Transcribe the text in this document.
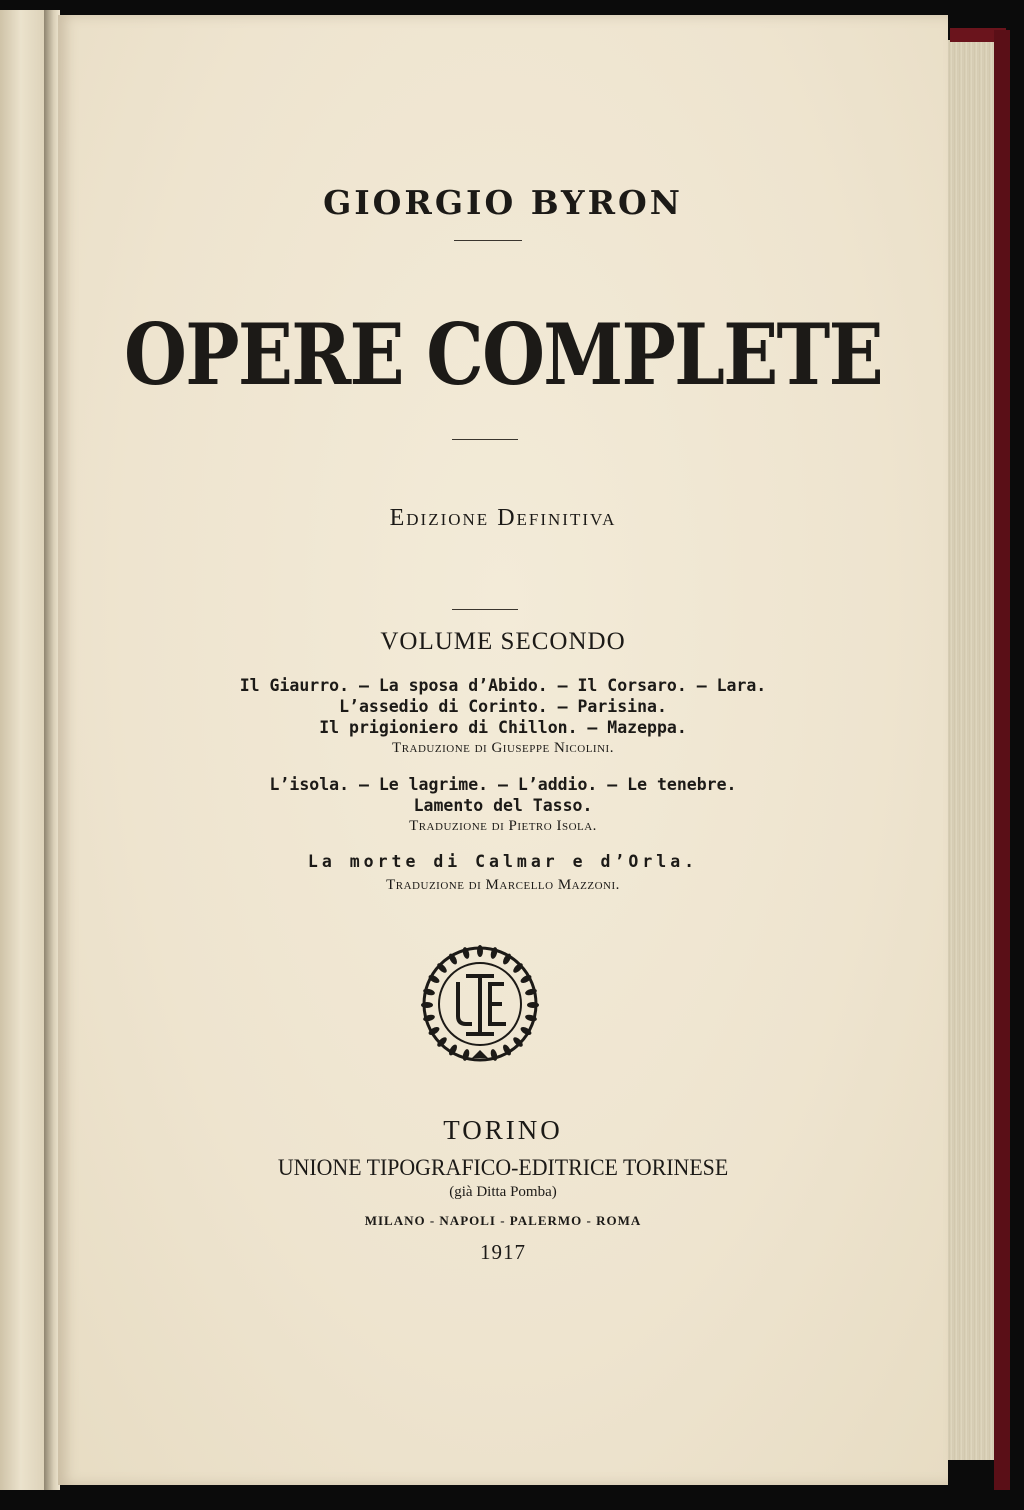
GIORGIO BYRON
OPERE COMPLETE
Edizione Definitiva
VOLUME SECONDO
Il Giaurro. — La sposa d’Abido. — Il Corsaro. — Lara.
L’assedio di Corinto. — Parisina.
Il prigioniero di Chillon. — Mazeppa.
Traduzione di Giuseppe Nicolini.
L’isola. — Le lagrime. — L’addio. — Le tenebre.
Lamento del Tasso.
Traduzione di Pietro Isola.
La morte di Calmar e d’Orla.
Traduzione di Marcello Mazzoni.
TORINO
UNIONE TIPOGRAFICO-EDITRICE TORINESE
(già Ditta Pomba)
MILANO - NAPOLI - PALERMO - ROMA
1917
